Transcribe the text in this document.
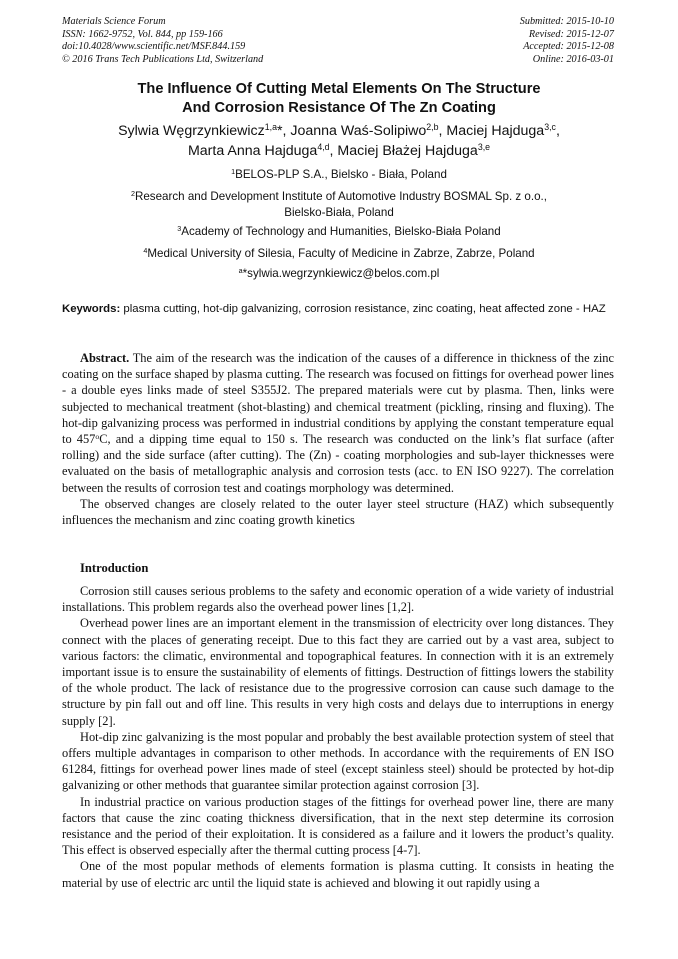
Materials Science Forum
ISSN: 1662-9752, Vol. 844, pp 159-166
doi:10.4028/www.scientific.net/MSF.844.159
© 2016 Trans Tech Publications Ltd, Switzerland
Submitted: 2015-10-10
Revised: 2015-12-07
Accepted: 2015-12-08
Online: 2016-03-01
The Influence Of Cutting Metal Elements On The Structure
And Corrosion Resistance Of The Zn Coating
Sylwia Węgrzynkiewicz$^{1,a}$*, Joanna Waś-Solipiwo$^{2,b}$, Maciej Hajduga$^{3,c}$,
Marta Anna Hajduga$^{4,d}$, Maciej Błażej Hajduga$^{3,e}$
$^1$BELOS-PLP S.A., Bielsko - Biała, Poland
$^2$Research and Development Institute of Automotive Industry BOSMAL Sp. z o.o.,
Bielsko-Biała, Poland
$^3$Academy of Technology and Humanities, Bielsko-Biała Poland
$^4$Medical University of Silesia, Faculty of Medicine in Zabrze, Zabrze, Poland
$^a$*sylwia.wegrzynkiewicz@belos.com.pl
Keywords: plasma cutting, hot-dip galvanizing, corrosion resistance, zinc coating, heat affected zone - HAZ

Abstract. The aim of the research was the indication of the causes of a difference in thickness of the zinc coating on the surface shaped by plasma cutting. The research was focused on fittings for overhead power lines - a double eyes links made of steel S355J2. The prepared materials were cut by plasma. Then, links were subjected to mechanical treatment (shot-blasting) and chemical treatment (pickling, rinsing and fluxing). The hot-dip galvanizing process was performed in industrial conditions by applying the constant temperature equal to 457$^o$C, and a dipping time equal to 150 s. The research was conducted on the link’s flat surface (after rolling) and the side surface (after cutting). The (Zn) - coating morphologies and sub-layer thicknesses were evaluated on the basis of metallographic analysis and corrosion tests (acc. to EN ISO 9227). The correlation between the results of corrosion test and coatings morphology was determined.

The observed changes are closely related to the outer layer steel structure (HAZ) which subsequently influences the mechanism and zinc coating growth kinetics

Introduction

Corrosion still causes serious problems to the safety and economic operation of a wide variety of industrial installations. This problem regards also the overhead power lines [1,2].

Overhead power lines are an important element in the transmission of electricity over long distances. They connect with the places of generating receipt. Due to this fact they are carried out by a vast area, subject to various factors: the climatic, environmental and topographical features. In connection with it is an extremely important issue is to ensure the sustainability of elements of fittings. Destruction of fittings lowers the stability of the whole product. The lack of resistance due to the progressive corrosion can cause such damage to the structure by pin fall out and off line. This results in very high costs and delays due to interruptions in energy supply [2].

Hot-dip zinc galvanizing is the most popular and probably the best available protection system of steel that offers multiple advantages in comparison to other methods. In accordance with the requirements of EN ISO 61284, fittings for overhead power lines made of steel (except stainless steel) should be protected by hot-dip galvanizing or other methods that guarantee similar protection against corrosion [3].

In industrial practice on various production stages of the fittings for overhead power line, there are many factors that cause the zinc coating thickness diversification, that in the next step determine its corrosion resistance and the period of their exploitation. It is considered as a failure and it lowers the product’s quality. This effect is observed especially after the thermal cutting process [4-7].

One of the most popular methods of elements formation is plasma cutting. It consists in heating the material by use of electric arc until the liquid state is achieved and blowing it out rapidly using a
